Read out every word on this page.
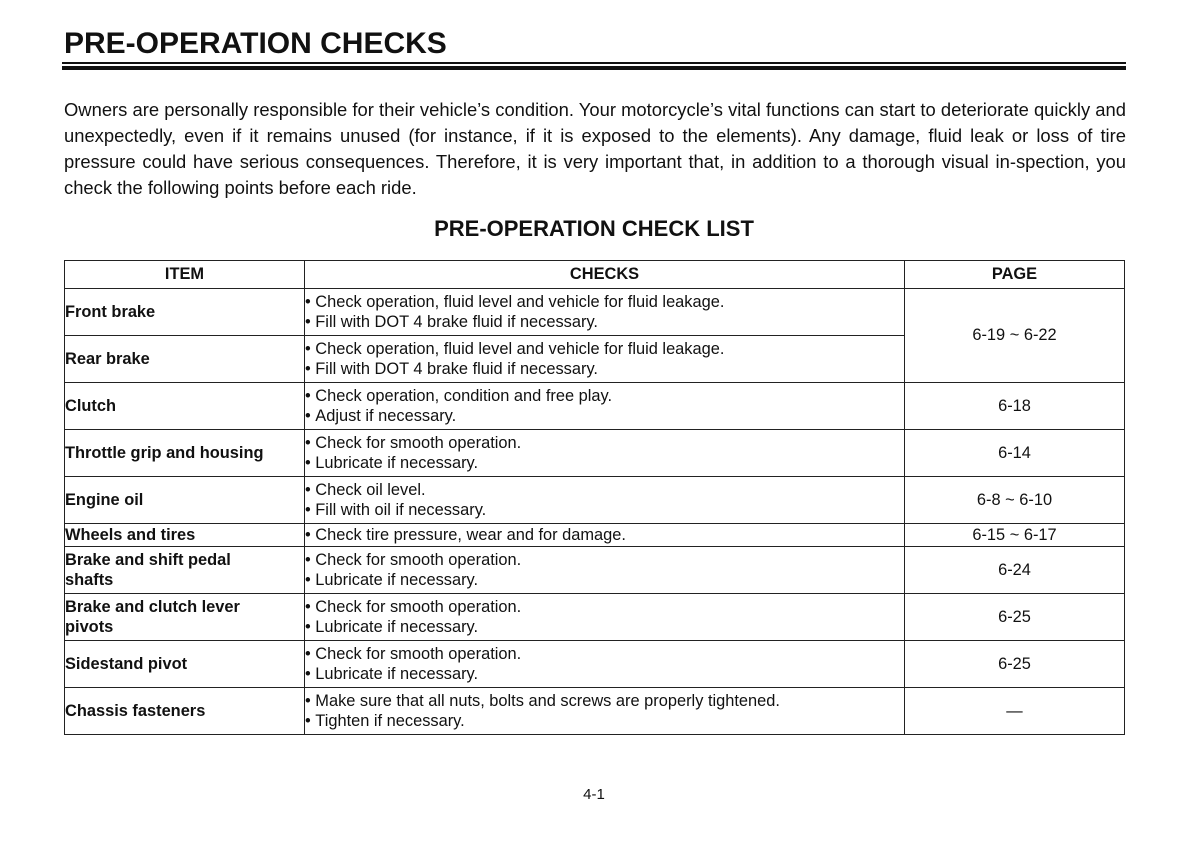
PRE-OPERATION CHECKS

Owners are personally responsible for their vehicle’s condition. Your motorcycle’s vital functions can start to deteriorate quickly and unexpectedly, even if it remains unused (for instance, if it is exposed to the elements). Any damage, fluid leak or loss of tire pressure could have serious consequences. Therefore, it is very important that, in addition to a thorough visual in-spection, you check the following points before each ride.

PRE-OPERATION CHECK LIST
ITEM	CHECKS	PAGE
Front brake	• Check operation, fluid level and vehicle for fluid leakage.
• Fill with DOT 4 brake fluid if necessary.	6-19 ~ 6-22
Rear brake	• Check operation, fluid level and vehicle for fluid leakage.
• Fill with DOT 4 brake fluid if necessary.

Clutch	• Check operation, condition and free play.
• Adjust if necessary.	6-18
Throttle grip and housing	• Check for smooth operation.
• Lubricate if necessary.	6-14
Engine oil	• Check oil level.
• Fill with oil if necessary.	6-8 ~ 6-10
Wheels and tires	• Check tire pressure, wear and for damage.	6-15 ~ 6-17

Brake and shift pedal
shafts	• Check for smooth operation.
• Lubricate if necessary.	6-24

Brake and clutch lever
pivots	• Check for smooth operation.
• Lubricate if necessary.	6-25
Sidestand pivot	• Check for smooth operation.
• Lubricate if necessary.	6-25
Chassis fasteners	• Make sure that all nuts, bolts and screws are properly tightened.
• Tighten if necessary.	—

4-1
